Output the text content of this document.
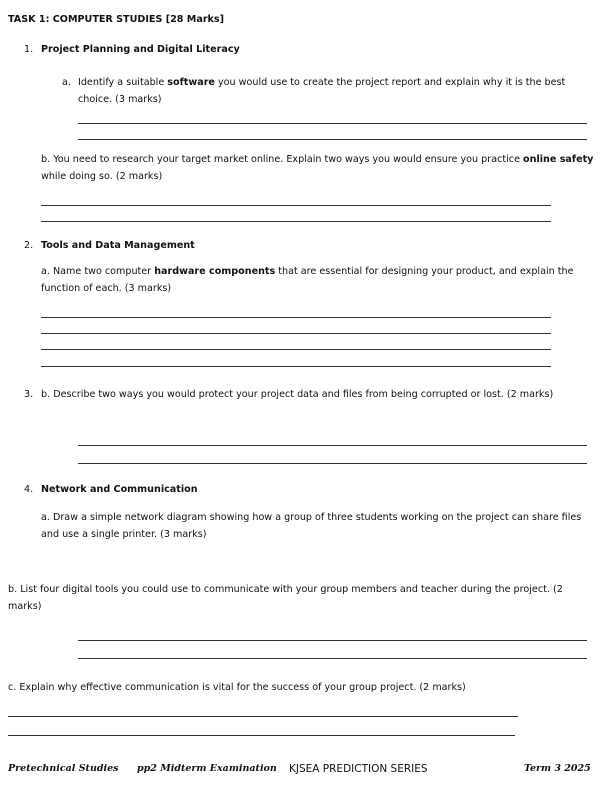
TASK 1: COMPUTER STUDIES [28 Marks]
1. Project Planning and Digital Literacy
a. Identify a suitable software you would use to create the project report and explain why it is the best choice. (3 marks)
b. You need to research your target market online. Explain two ways you would ensure you practice online safety while doing so. (2 marks)
2. Tools and Data Management
a. Name two computer hardware components that are essential for designing your product, and explain the function of each. (3 marks)
3. b. Describe two ways you would protect your project data and files from being corrupted or lost. (2 marks)
4. Network and Communication
a. Draw a simple network diagram showing how a group of three students working on the project can share files and use a single printer. (3 marks)
b. List four digital tools you could use to communicate with your group members and teacher during the project. (2 marks)
c. Explain why effective communication is vital for the success of your group project. (2 marks)
Pretechnical Studies pp2 Midterm Examination KJSEA PREDICTION SERIES	Term 3 2025
